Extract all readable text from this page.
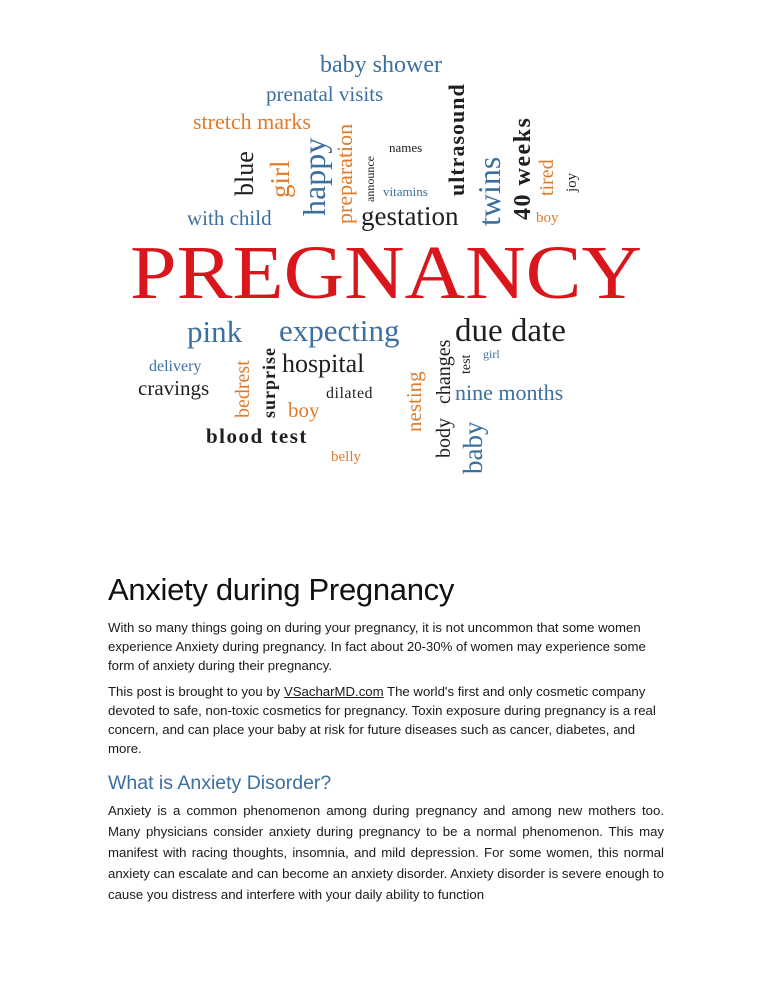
baby shower
prenatal visits
stretch marks	ultrasound 40 weeks
preparation announce
names
blue girl happy	vitamins twins tired joy
with child	gestation	boy
PREGNANCY
pink
surprise
expecting
changes
due date
delivery bedrest hospital
body
test
girl
cravings	dilated nesting nine months
boy
baby
blood test
belly
Anxiety during Pregnancy

With so many things going on during your pregnancy, it is not uncommon that some women experience Anxiety during pregnancy. In fact about 20-30% of women may experience some form of anxiety during their pregnancy.

This post is brought to you by VSacharMD.com The world's first and only cosmetic company devoted to safe, non-toxic cosmetics for pregnancy. Toxin exposure during pregnancy is a real concern, and can place your baby at risk for future diseases such as cancer, diabetes, and more.

What is Anxiety Disorder?

Anxiety is a common phenomenon among during pregnancy and among new mothers too. Many physicians consider anxiety during pregnancy to be a normal phenomenon. This may manifest with racing thoughts, insomnia, and mild depression. For some women, this normal anxiety can escalate and can become an anxiety disorder. Anxiety disorder is severe enough to cause you distress and interfere with your daily ability to function
